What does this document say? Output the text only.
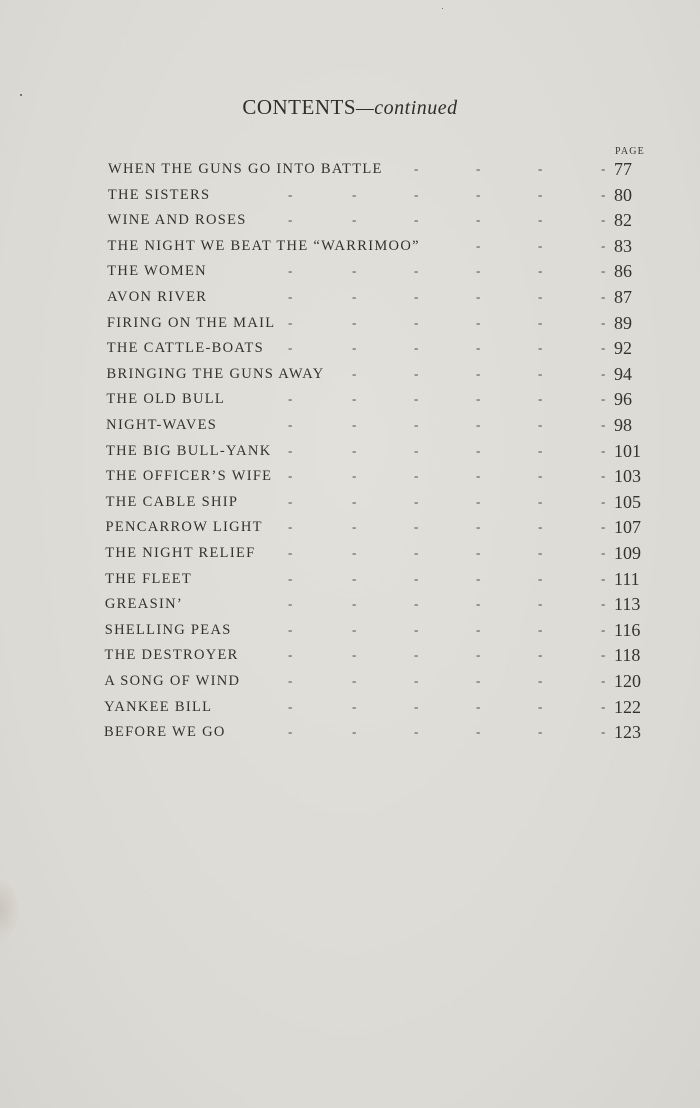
CONTENTS—continued
PAGE
WHEN THE GUNS GO INTO BATTLE -	-	-	- 77
THE SISTERS	-	-	-	-	-	- 80
WINE AND ROSES	-	-	-	-	-	- 82
THE NIGHT WE BEAT THE “WARRIMOO”	-	-	- 83
THE WOMEN	-	-	-	-	-	- 86
AVON RIVER	-	-	-	-	-	- 87
FIRING ON THE MAIL -	-	-	-	-	- 89
THE CATTLE-BOATS -	-	-	-	-	- 92
BRINGING THE GUNS AWAY -	-	-	-	- 94
THE OLD BULL	-	-	-	-	-	- 96
NIGHT-WAVES	-	-	-	-	-	- 98
THE BIG BULL-YANK -	-	-	-	-	- 101
THE OFFICER’S WIFE -	-	-	-	-	- 103
THE CABLE SHIP	-	-	-	-	-	- 105
PENCARROW LIGHT -	-	-	-	-	- 107
THE NIGHT RELIEF	-	-	-	-	-	- 109
THE FLEET	-	-	-	-	-	- 111
GREASIN’	-	-	-	-	-	- 113
SHELLING PEAS	-	-	-	-	-	- 116
THE DESTROYER	-	-	-	-	-	- 118
A SONG OF WIND	-	-	-	-	-	- 120
YANKEE BILL	-	-	-	-	-	- 122
BEFORE WE GO	-	-	-	-	-	- 123
